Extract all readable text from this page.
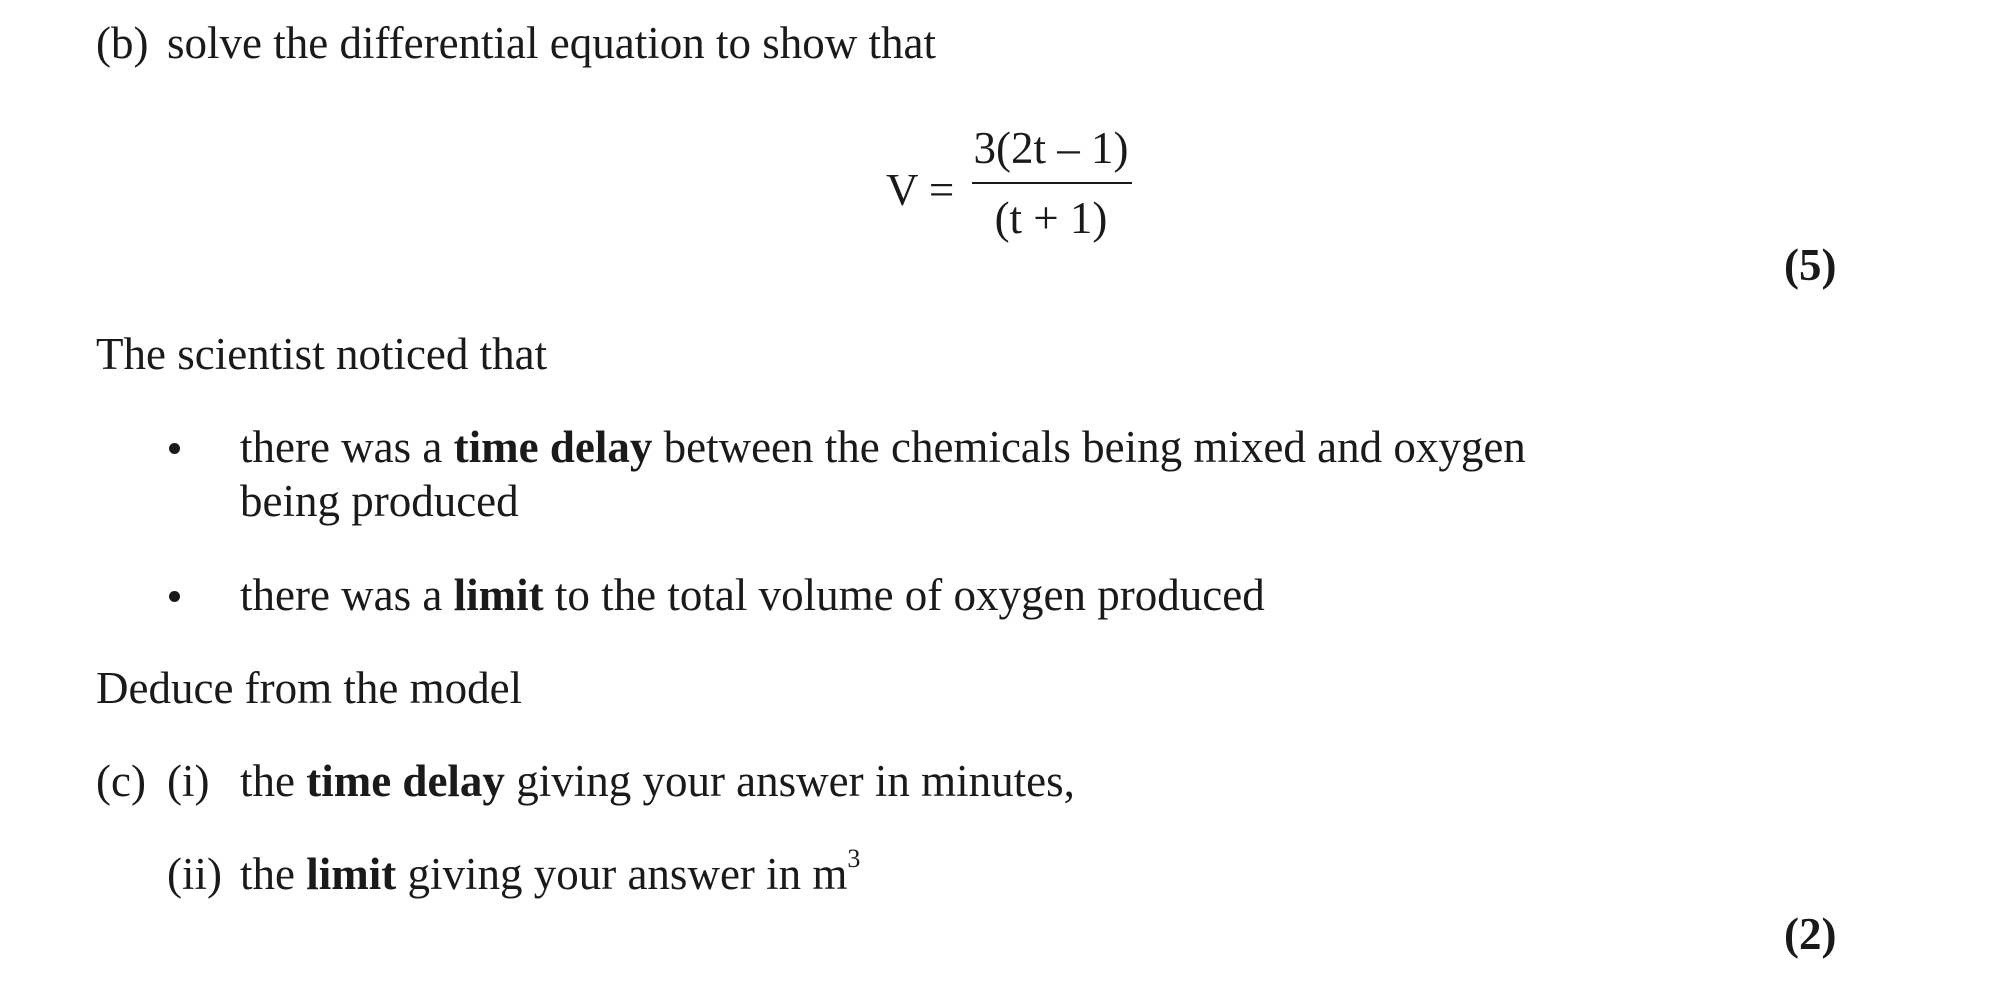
(b) solve the differential equation to show that
V =
3(2t – 1)
(t + 1)
(5)
The scientist noticed that
there was a time delay between the chemicals being mixed and oxygen
being produced
there was a limit to the total volume of oxygen produced
Deduce from the model
(c) (i) the time delay giving your answer in minutes,
(ii) the limit giving your answer in $m^3$
(2)
